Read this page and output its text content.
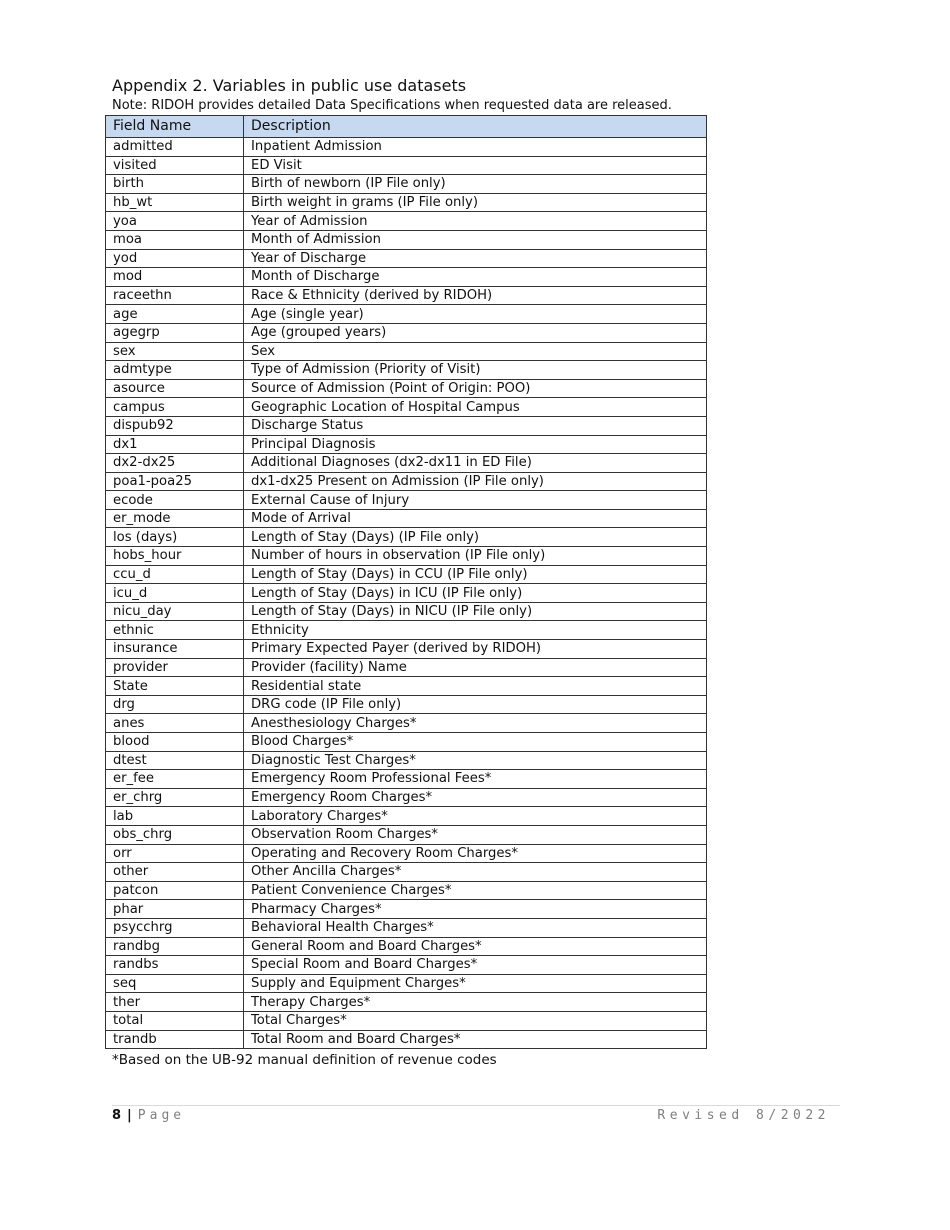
Appendix 2. Variables in public use datasets
Note: RIDOH provides detailed Data Specifications when requested data are released.
Field Name	Description
admitted	Inpatient Admission
visited	ED Visit
birth	Birth of newborn (IP File only)
hb_wt	Birth weight in grams (IP File only)
yoa	Year of Admission
moa	Month of Admission
yod	Year of Discharge
mod	Month of Discharge
raceethn	Race & Ethnicity (derived by RIDOH)
age	Age (single year)
agegrp	Age (grouped years)
sex	Sex
admtype	Type of Admission (Priority of Visit)
asource	Source of Admission (Point of Origin: POO)
campus	Geographic Location of Hospital Campus
dispub92	Discharge Status
dx1	Principal Diagnosis
dx2-dx25	Additional Diagnoses (dx2-dx11 in ED File)
poa1-poa25	dx1-dx25 Present on Admission (IP File only)
ecode	External Cause of Injury
er_mode	Mode of Arrival
los (days)	Length of Stay (Days) (IP File only)
hobs_hour	Number of hours in observation (IP File only)
ccu_d	Length of Stay (Days) in CCU (IP File only)
icu_d	Length of Stay (Days) in ICU (IP File only)
nicu_day	Length of Stay (Days) in NICU (IP File only)
ethnic	Ethnicity
insurance	Primary Expected Payer (derived by RIDOH)
provider	Provider (facility) Name
State	Residential state
drg	DRG code (IP File only)
anes	Anesthesiology Charges*
blood	Blood Charges*
dtest	Diagnostic Test Charges*
er_fee	Emergency Room Professional Fees*
er_chrg	Emergency Room Charges*
lab	Laboratory Charges*
obs_chrg	Observation Room Charges*
orr	Operating and Recovery Room Charges*
other	Other Ancilla Charges*
patcon	Patient Convenience Charges*
phar	Pharmacy Charges*
psycchrg	Behavioral Health Charges*
randbg	General Room and Board Charges*
randbs	Special Room and Board Charges*
seq	Supply and Equipment Charges*
ther	Therapy Charges*
total	Total Charges*
trandb	Total Room and Board Charges*
*Based on the UB-92 manual definition of revenue codes
8 | Page	Revised 8/2022
